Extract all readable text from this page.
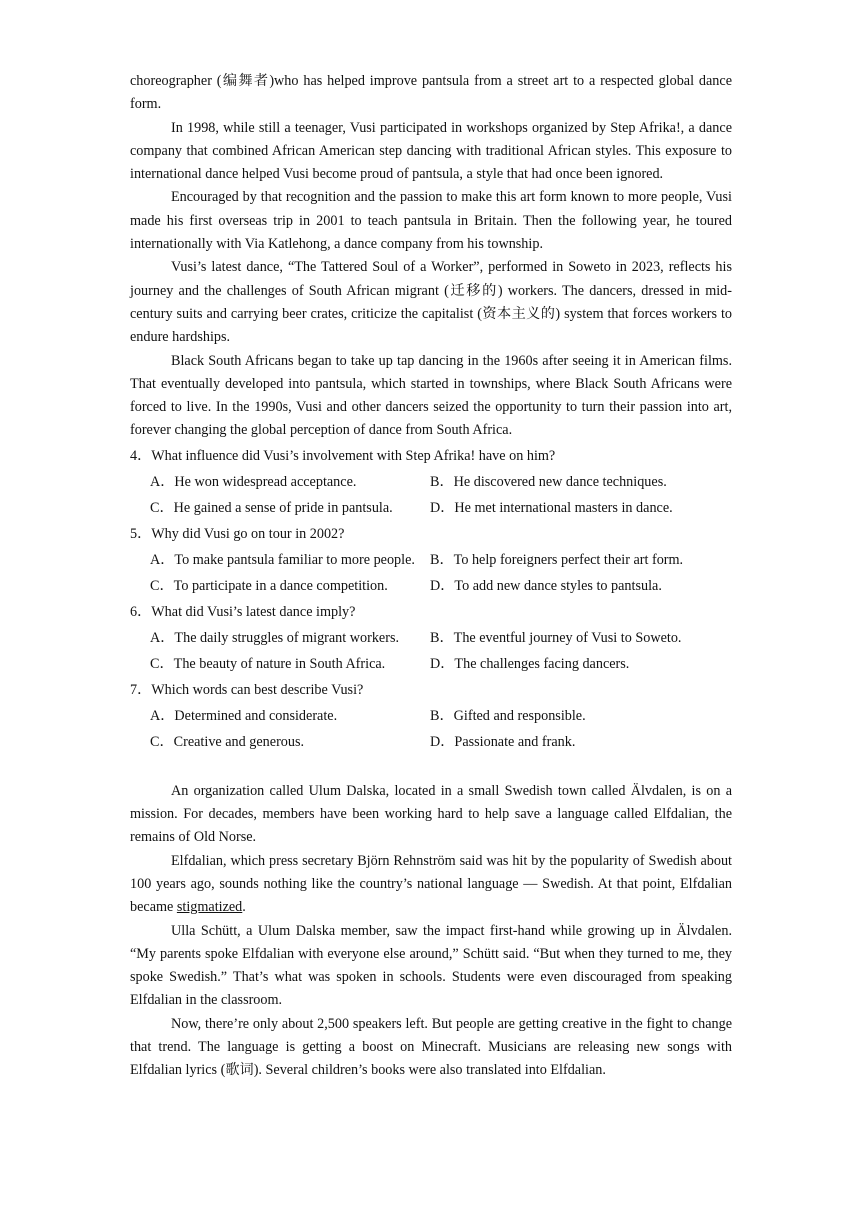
choreographer (编舞者)who has helped improve pantsula from a street art to a respected global dance form.

In 1998, while still a teenager, Vusi participated in workshops organized by Step Afrika!, a dance company that combined African American step dancing with traditional African styles. This exposure to international dance helped Vusi become proud of pantsula, a style that had once been ignored.

Encouraged by that recognition and the passion to make this art form known to more people, Vusi made his first overseas trip in 2001 to teach pantsula in Britain. Then the following year, he toured internationally with Via Katlehong, a dance company from his township.

Vusi’s latest dance, “The Tattered Soul of a Worker”, performed in Soweto in 2023, reflects his journey and the challenges of South African migrant (迁移的) workers. The dancers, dressed in mid-century suits and carrying beer crates, criticize the capitalist (资本主义的) system that forces workers to endure hardships.

Black South Africans began to take up tap dancing in the 1960s after seeing it in American films. That eventually developed into pantsula, which started in townships, where Black South Africans were forced to live. In the 1990s, Vusi and other dancers seized the opportunity to turn their passion into art, forever changing the global perception of dance from South Africa.

4．What influence did Vusi’s involvement with Step Afrika! have on him?

A．He won widespread acceptance.	B．He discovered new dance techniques.
C．He gained a sense of pride in pantsula.	D．He met international masters in dance.

5．Why did Vusi go on tour in 2002?

A．To make pantsula familiar to more people.	B．To help foreigners perfect their art form.
C．To participate in a dance competition.	D．To add new dance styles to pantsula.

6．What did Vusi’s latest dance imply?

A．The daily struggles of migrant workers.	B．The eventful journey of Vusi to Soweto.
C．The beauty of nature in South Africa.	D．The challenges facing dancers.

7．Which words can best describe Vusi?

A．Determined and considerate.	B．Gifted and responsible.
C．Creative and generous.	D．Passionate and frank.

An organization called Ulum Dalska, located in a small Swedish town called Älvdalen, is on a mission. For decades, members have been working hard to help save a language called Elfdalian, the remains of Old Norse.

Elfdalian, which press secretary Björn Rehnström said was hit by the popularity of Swedish about 100 years ago, sounds nothing like the country’s national language — Swedish. At that point, Elfdalian became stigmatized.

Ulla Schütt, a Ulum Dalska member, saw the impact first-hand while growing up in Älvdalen. “My parents spoke Elfdalian with everyone else around,” Schütt said. “But when they turned to me, they spoke Swedish.” That’s what was spoken in schools. Students were even discouraged from speaking Elfdalian in the classroom.

Now, there’re only about 2,500 speakers left. But people are getting creative in the fight to change that trend. The language is getting a boost on Minecraft. Musicians are releasing new songs with Elfdalian lyrics (歌词). Several children’s books were also translated into Elfdalian.
